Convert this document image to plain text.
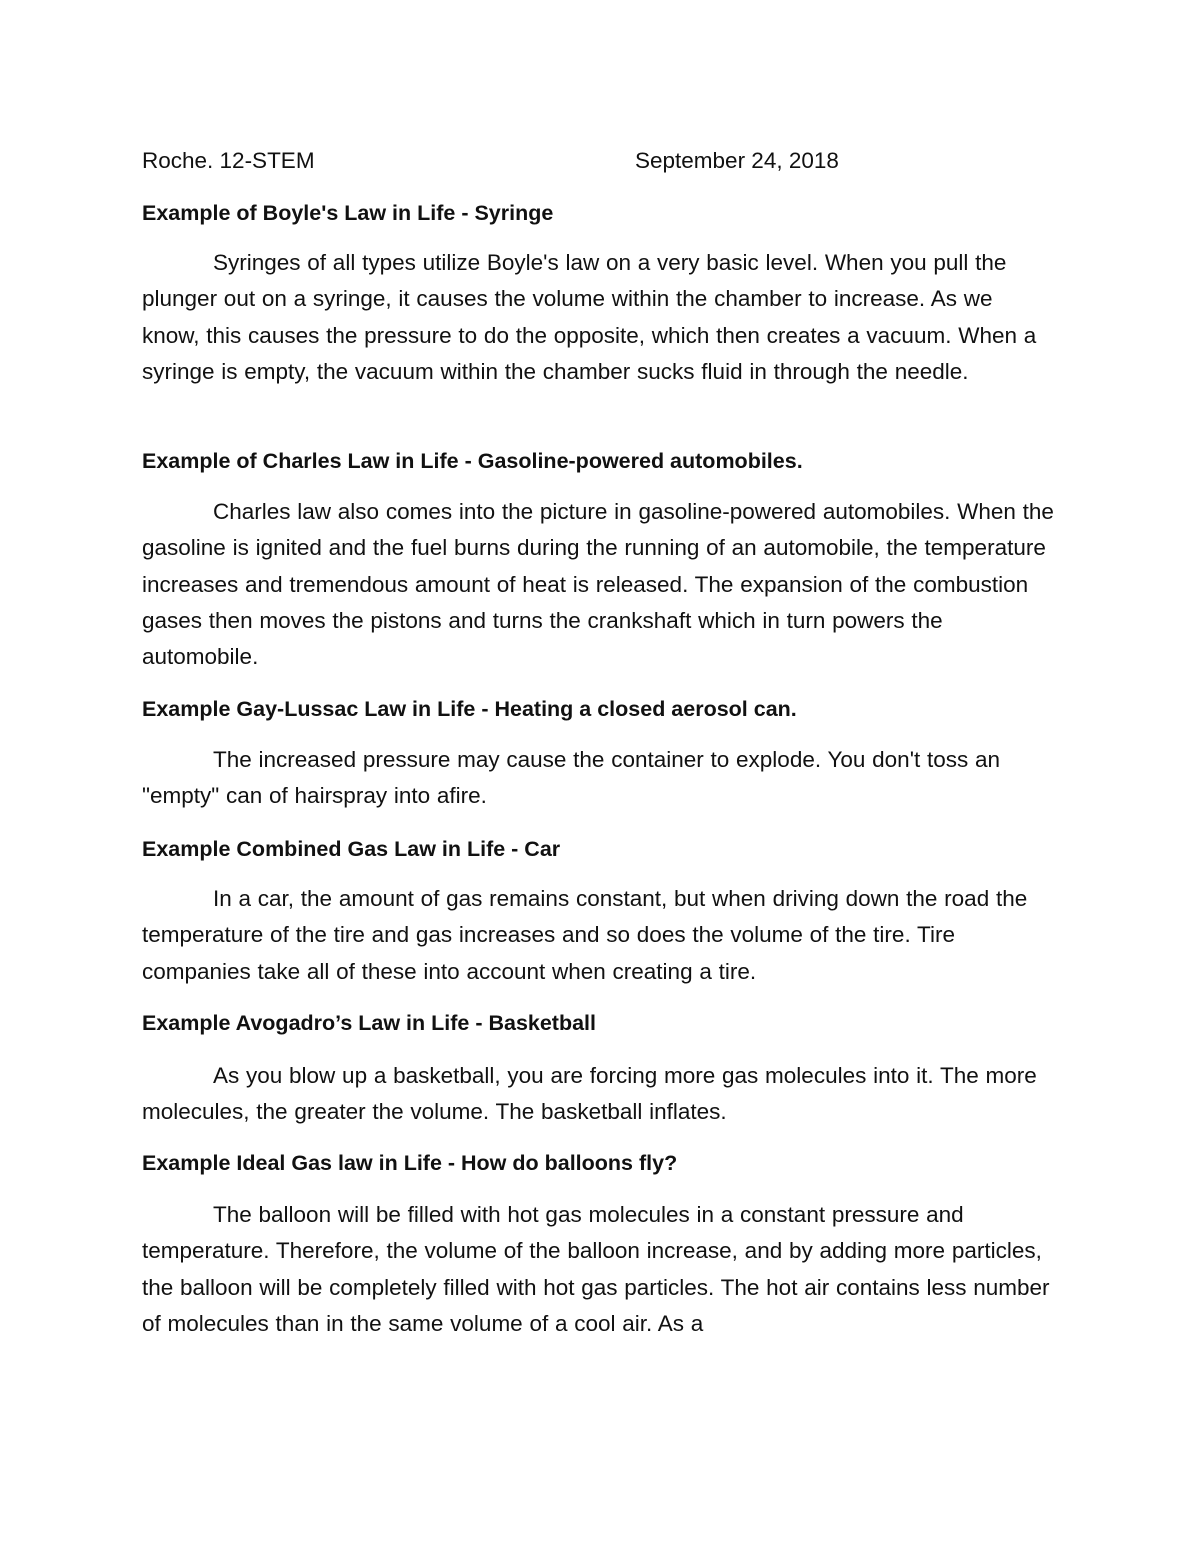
Roche. 12-STEM	September 24, 2018
Example of Boyle's Law in Life - Syringe

Syringes of all types utilize Boyle's law on a very basic level. When you pull the plunger out on a syringe, it causes the volume within the chamber to increase. As we know, this causes the pressure to do the opposite, which then creates a vacuum. When a syringe is empty, the vacuum within the chamber sucks fluid in through the needle.

Example of Charles Law in Life - Gasoline-powered automobiles.

Charles law also comes into the picture in gasoline-powered automobiles. When the gasoline is ignited and the fuel burns during the running of an automobile, the temperature increases and tremendous amount of heat is released. The expansion of the combustion gases then moves the pistons and turns the crankshaft which in turn powers the automobile.

Example Gay-Lussac Law in Life - Heating a closed aerosol can.

The increased pressure may cause the container to explode. You don't toss an "empty" can of hairspray into afire.

Example Combined Gas Law in Life - Car

In a car, the amount of gas remains constant, but when driving down the road the temperature of the tire and gas increases and so does the volume of the tire. Tire companies take all of these into account when creating a tire.

Example Avogadro’s Law in Life - Basketball

As you blow up a basketball, you are forcing more gas molecules into it. The more molecules, the greater the volume. The basketball inflates.

Example Ideal Gas law in Life - How do balloons fly?

The balloon will be filled with hot gas molecules in a constant pressure and temperature. Therefore, the volume of the balloon increase, and by adding more particles, the balloon will be completely filled with hot gas particles. The hot air contains less number of molecules than in the same volume of a cool air. As a
